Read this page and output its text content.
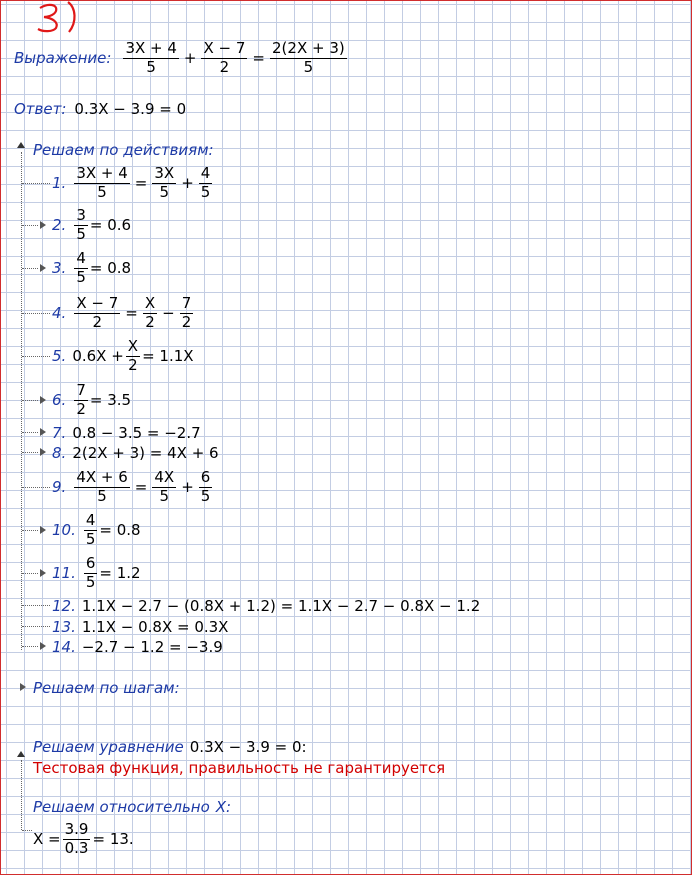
3)
Выражение: $\frac{3X + 4}{5} + \frac{X - 7}{2} = \frac{2(2X + 3)}{5}$
Ответ: 0.3X − 3.9 = 0
Решаем по действиям:
1. $\frac{3X + 4}{5} = \frac{3X}{5} + \frac{4}{5}$
2. $\frac{3}{5} = 0.6$
3. $\frac{4}{5} = 0.8$
4. $\frac{X - 7}{2} = \frac{X}{2} - \frac{7}{2}$
5. $0.6X + \frac{X}{2} = 1.1X$
6. $\frac{7}{2} = 3.5$
7. 0.8 − 3.5 = −2.7
8. 2(2X + 3) = 4X + 6
9. $\frac{4X + 6}{5} = \frac{4X}{5} + \frac{6}{5}$
10. $\frac{4}{5} = 0.8$
11. $\frac{6}{5} = 1.2$
12. 1.1X − 2.7 − (0.8X + 1.2) = 1.1X − 2.7 − 0.8X − 1.2
13. 1.1X − 0.8X = 0.3X
14. −2.7 − 1.2 = −3.9
Решаем по шагам:
Решаем уравнение 0.3X − 3.9 = 0:
Тестовая функция, правильность не гарантируется
Решаем относительно X:
$X = \frac{3.9}{0.3} = 13$.
